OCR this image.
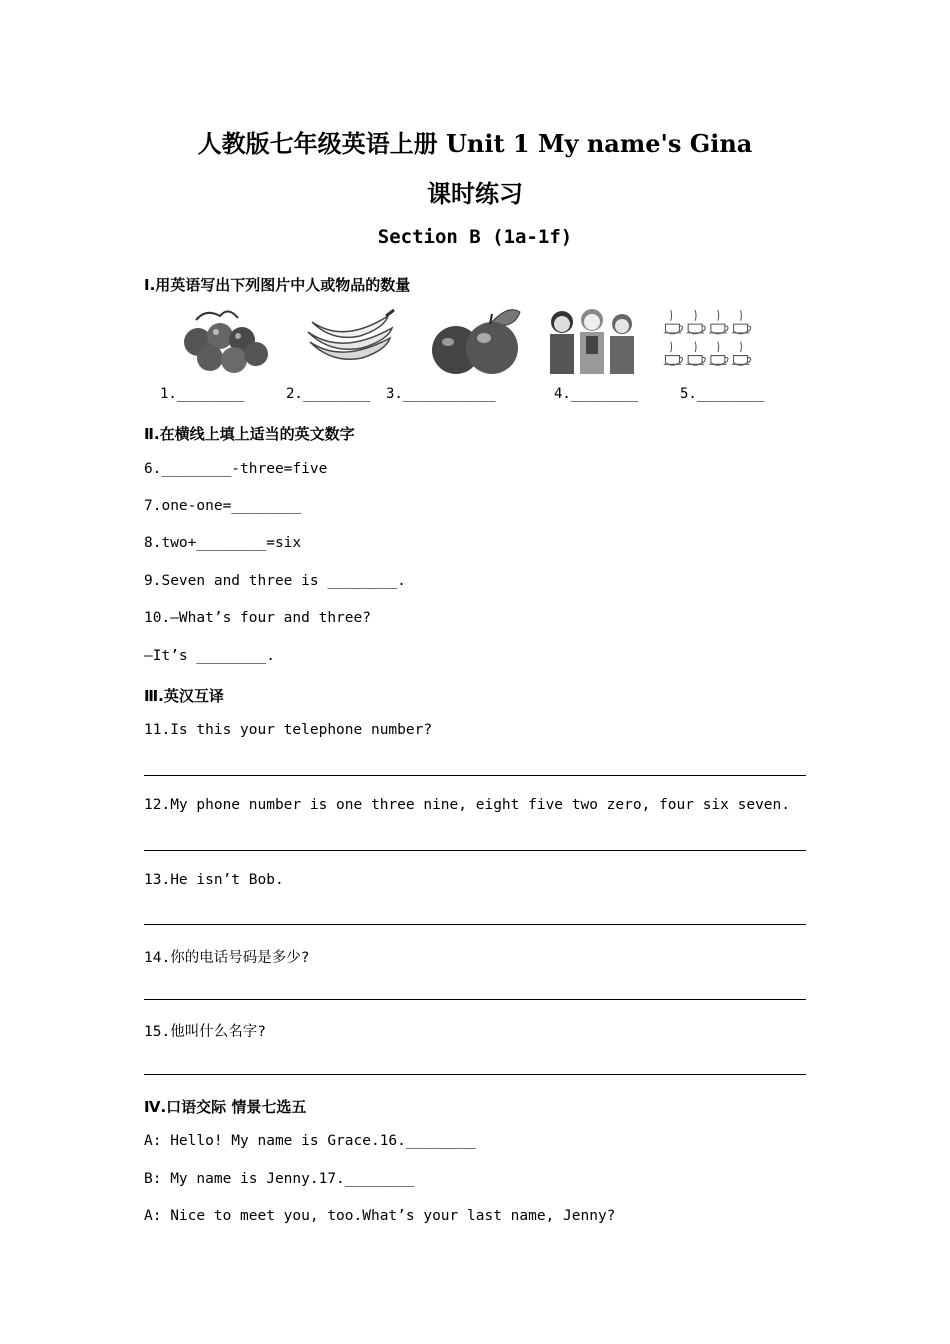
人教版七年级英语上册 Unit 1 My name's Gina
课时练习
Section B (1a-1f)
Ⅰ.用英语写出下列图片中人或物品的数量
1.________	2.________ 3.___________	4.________	5.________
Ⅱ.在横线上填上适当的英文数字
6.________-three=five
7.one-one=________
8.two+________=six
9.Seven and three is ________.
10.—What’s four and three?
—It’s ________.
Ⅲ.英汉互译
11.Is this your telephone number?
12.My phone number is one three nine, eight five two zero, four six seven.
13.He isn’t Bob.
14.你的电话号码是多少?
15.他叫什么名字?
Ⅳ.口语交际 情景七选五
A: Hello! My name is Grace.16.________
B: My name is Jenny.17.________
A: Nice to meet you, too.What’s your last name, Jenny?
